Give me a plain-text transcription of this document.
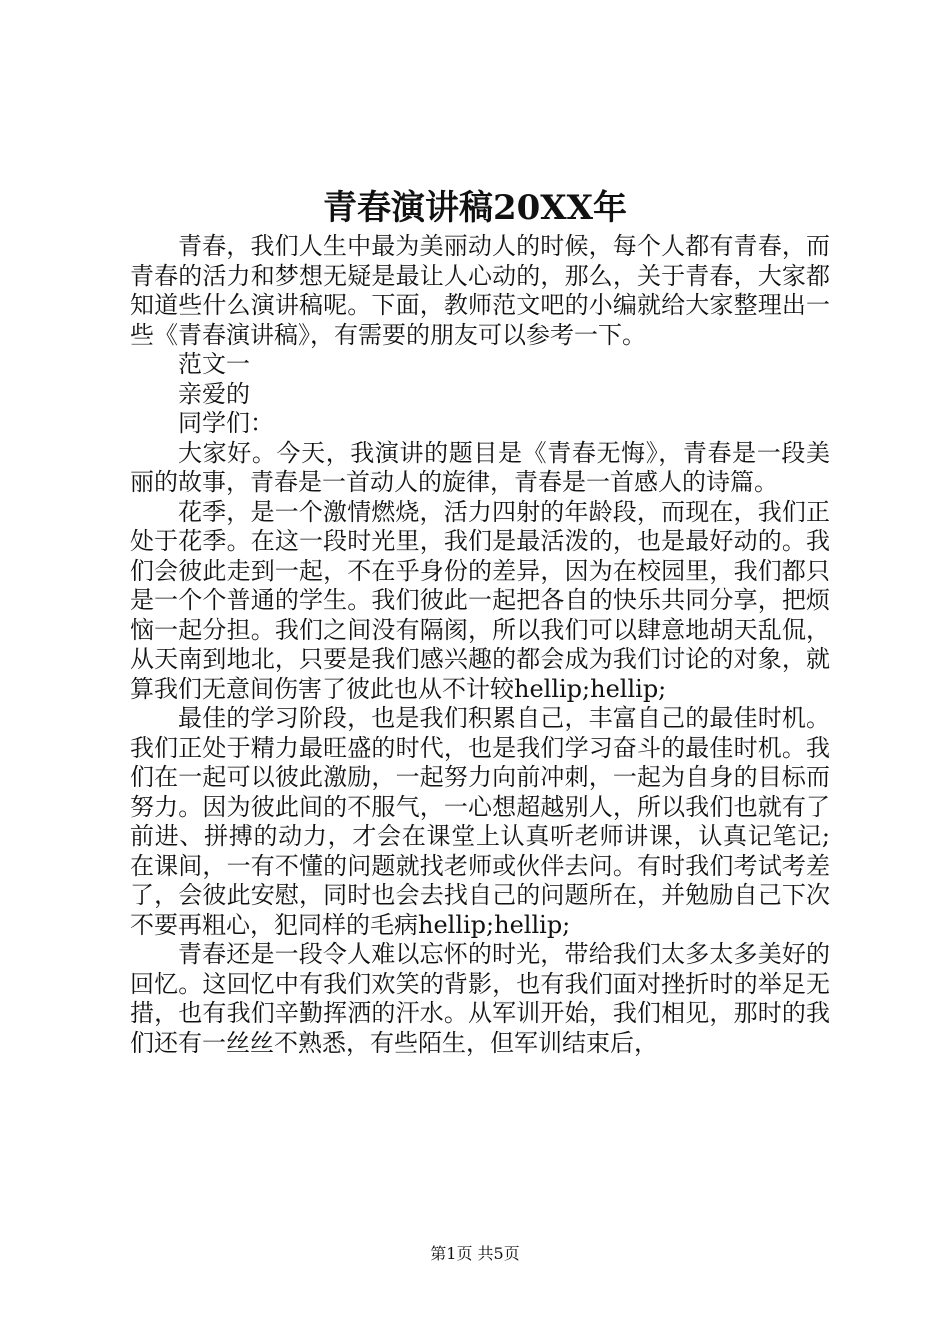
青春演讲稿20XX年

青春，我们人生中最为美丽动人的时候，每个人都有青春，而青春的活力和梦想无疑是最让人心动的，那么，关于青春，大家都知道些什么演讲稿呢。下面，教师范文吧的小编就给大家整理出一些《青春演讲稿》，有需要的朋友可以参考一下。

范文一

亲爱的

同学们：

大家好。今天，我演讲的题目是《青春无悔》，青春是一段美丽的故事，青春是一首动人的旋律，青春是一首感人的诗篇。

花季，是一个激情燃烧，活力四射的年龄段，而现在，我们正处于花季。在这一段时光里，我们是最活泼的，也是最好动的。我们会彼此走到一起，不在乎身份的差异，因为在校园里，我们都只是一个个普通的学生。我们彼此一起把各自的快乐共同分享，把烦恼一起分担。我们之间没有隔阂，所以我们可以肆意地胡天乱侃，从天南到地北，只要是我们感兴趣的都会成为我们讨论的对象，就算我们无意间伤害了彼此也从不计较hellip;hellip;

最佳的学习阶段，也是我们积累自己，丰富自己的最佳时机。我们正处于精力最旺盛的时代，也是我们学习奋斗的最佳时机。我们在一起可以彼此激励，一起努力向前冲刺，一起为自身的目标而努力。因为彼此间的不服气，一心想超越别人，所以我们也就有了前进、拼搏的动力，才会在课堂上认真听老师讲课，认真记笔记;在课间，一有不懂的问题就找老师或伙伴去问。有时我们考试考差了，会彼此安慰，同时也会去找自己的问题所在，并勉励自己下次不要再粗心，犯同样的毛病hellip;hellip;

青春还是一段令人难以忘怀的时光，带给我们太多太多美好的回忆。这回忆中有我们欢笑的背影，也有我们面对挫折时的举足无措，也有我们辛勤挥洒的汗水。从军训开始，我们相见，那时的我们还有一丝丝不熟悉，有些陌生，但军训结束后，

第1页 共5页
